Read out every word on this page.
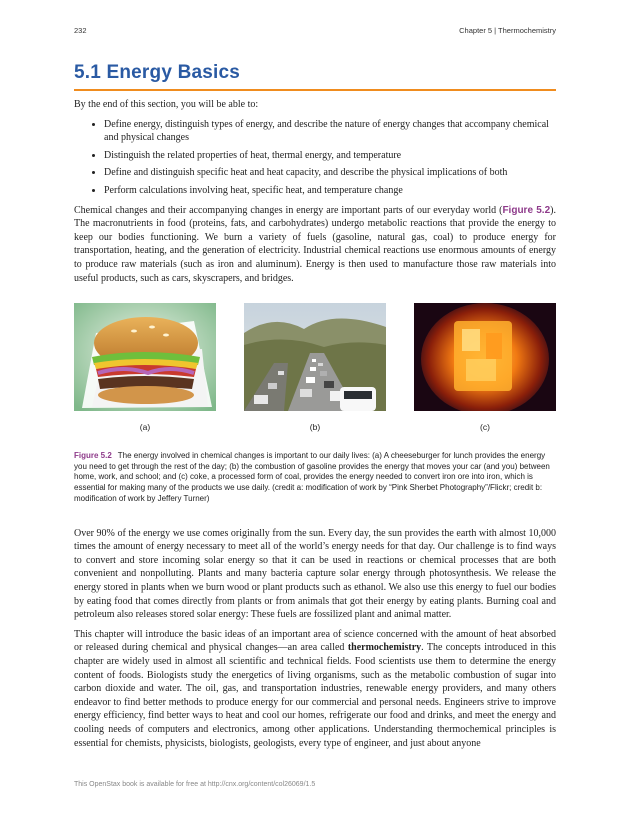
232	Chapter 5 | Thermochemistry
5.1 Energy Basics

By the end of this section, you will be able to:

• Define energy, distinguish types of energy, and describe the nature of energy changes that accompany chemical and physical changes
• Distinguish the related properties of heat, thermal energy, and temperature
• Define and distinguish specific heat and heat capacity, and describe the physical implications of both
• Perform calculations involving heat, specific heat, and temperature change

Chemical changes and their accompanying changes in energy are important parts of our everyday world (Figure 5.2). The macronutrients in food (proteins, fats, and carbohydrates) undergo metabolic reactions that provide the energy to keep our bodies functioning. We burn a variety of fuels (gasoline, natural gas, coal) to produce energy for transportation, heating, and the generation of electricity. Industrial chemical reactions use enormous amounts of energy to produce raw materials (such as iron and aluminum). Energy is then used to manufacture those raw materials into useful products, such as cars, skyscrapers, and bridges.

(a)	(b)	(c)
Figure 5.2 The energy involved in chemical changes is important to our daily lives: (a) A cheeseburger for lunch provides the energy you need to get through the rest of the day; (b) the combustion of gasoline provides the energy that moves your car (and you) between home, work, and school; and (c) coke, a processed form of coal, provides the energy needed to convert iron ore into iron, which is essential for making many of the products we use daily. (credit a: modification of work by “Pink Sherbet Photography”/Flickr; credit b: modification of work by Jeffery Turner)

Over 90% of the energy we use comes originally from the sun. Every day, the sun provides the earth with almost 10,000 times the amount of energy necessary to meet all of the world’s energy needs for that day. Our challenge is to find ways to convert and store incoming solar energy so that it can be used in reactions or chemical processes that are both convenient and nonpolluting. Plants and many bacteria capture solar energy through photosynthesis. We release the energy stored in plants when we burn wood or plant products such as ethanol. We also use this energy to fuel our bodies by eating food that comes directly from plants or from animals that got their energy by eating plants. Burning coal and petroleum also releases stored solar energy: These fuels are fossilized plant and animal matter.

This chapter will introduce the basic ideas of an important area of science concerned with the amount of heat absorbed or released during chemical and physical changes—an area called thermochemistry. The concepts introduced in this chapter are widely used in almost all scientific and technical fields. Food scientists use them to determine the energy content of foods. Biologists study the energetics of living organisms, such as the metabolic combustion of sugar into carbon dioxide and water. The oil, gas, and transportation industries, renewable energy providers, and many others endeavor to find better methods to produce energy for our commercial and personal needs. Engineers strive to improve energy efficiency, find better ways to heat and cool our homes, refrigerate our food and drinks, and meet the energy and cooling needs of computers and electronics, among other applications. Understanding thermochemical principles is essential for chemists, physicists, biologists, geologists, every type of engineer, and just about anyone

This OpenStax book is available for free at http://cnx.org/content/col26069/1.5
